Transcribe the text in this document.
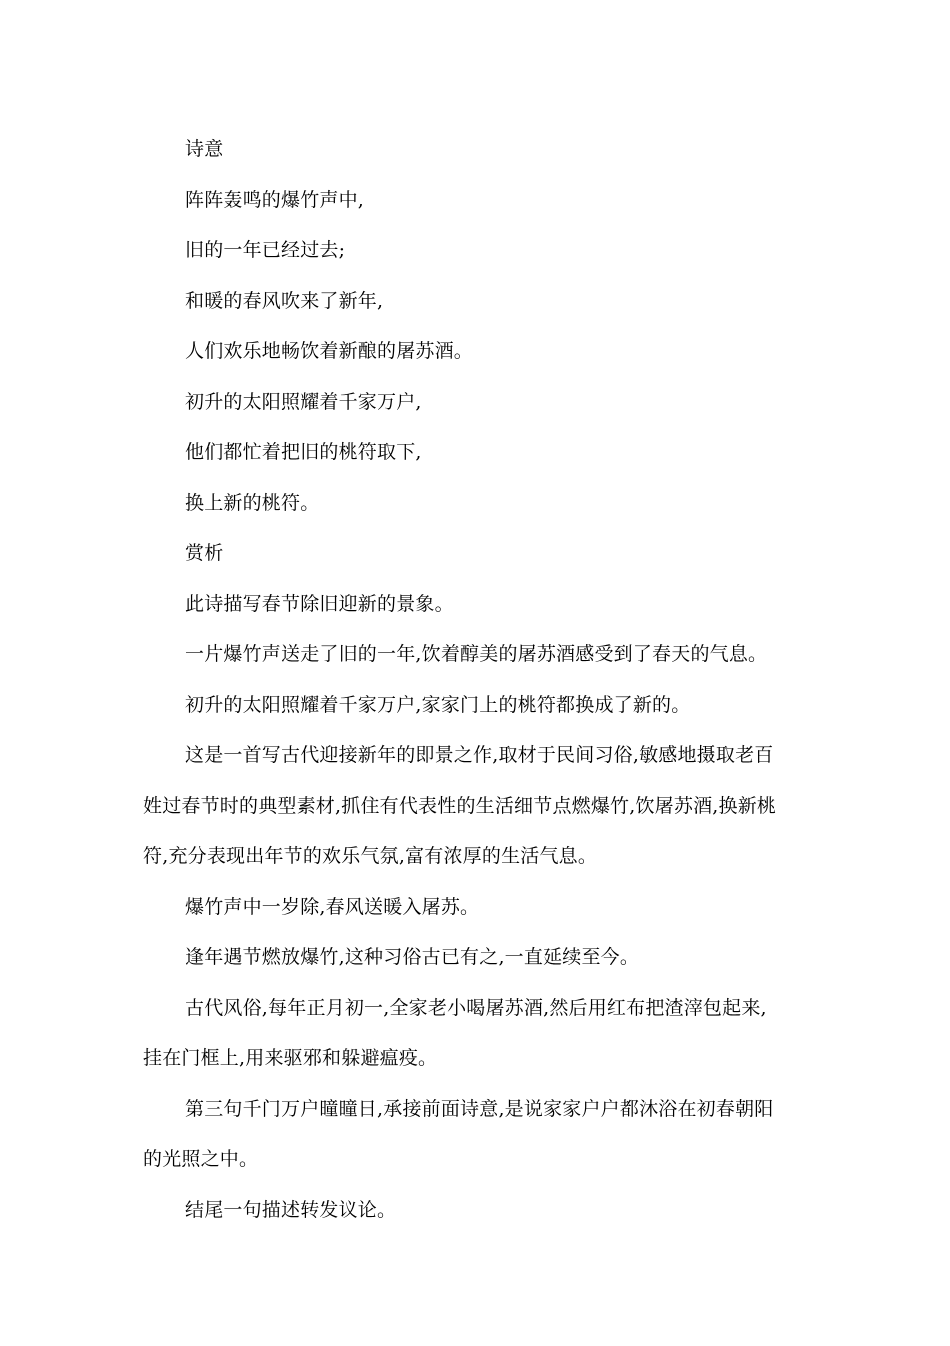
诗意

阵阵轰鸣的爆竹声中,

旧的一年已经过去;

和暖的春风吹来了新年,

人们欢乐地畅饮着新酿的屠苏酒。

初升的太阳照耀着千家万户,

他们都忙着把旧的桃符取下,

换上新的桃符。

赏析

此诗描写春节除旧迎新的景象。

一片爆竹声送走了旧的一年,饮着醇美的屠苏酒感受到了春天的气息。

初升的太阳照耀着千家万户,家家门上的桃符都换成了新的。

这是一首写古代迎接新年的即景之作,取材于民间习俗,敏感地摄取老百姓过春节时的典型素材,抓住有代表性的生活细节点燃爆竹,饮屠苏酒,换新桃符,充分表现出年节的欢乐气氛,富有浓厚的生活气息。

爆竹声中一岁除,春风送暖入屠苏。

逢年遇节燃放爆竹,这种习俗古已有之,一直延续至今。

古代风俗,每年正月初一,全家老小喝屠苏酒,然后用红布把渣滓包起来,挂在门框上,用来驱邪和躲避瘟疫。

第三句千门万户曈曈日,承接前面诗意,是说家家户户都沐浴在初春朝阳的光照之中。

结尾一句描述转发议论。
